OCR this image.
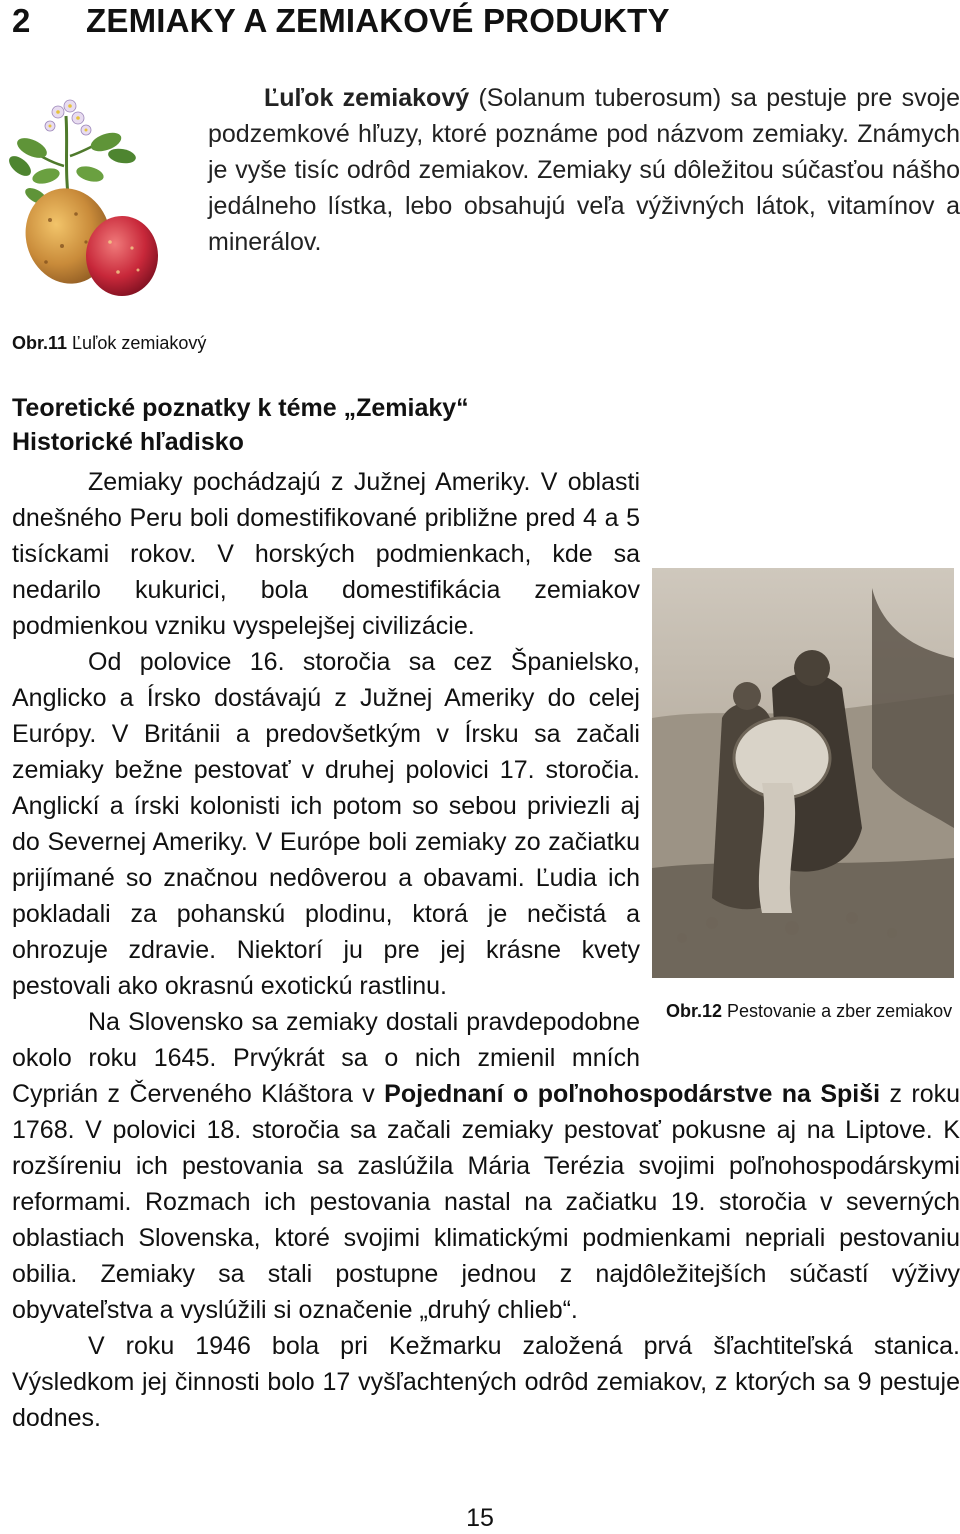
2 ZEMIAKY A ZEMIAKOVÉ PRODUKTY

Ľuľok zemiakový (Solanum tuberosum) sa pestuje pre svoje podzemkové hľuzy, ktoré poznáme pod názvom zemiaky. Známych je vyše tisíc odrôd zemiakov. Zemiaky sú dôležitou súčasťou nášho jedálneho lístka, lebo obsahujú veľa výživných látok, vitamínov a minerálov.

Obr.11 Ľuľok zemiakový
Teoretické poznatky k téme „Zemiaky“
Historické hľadisko

Zemiaky pochádzajú z Južnej Ameriky. V oblasti dnešného Peru boli domestifikované približne pred 4 a 5 tisíckami rokov. V horských podmienkach, kde sa nedarilo kukurici, bola domestifikácia zemiakov podmienkou vzniku vyspelejšej civilizácie.

Od polovice 16. storočia sa cez Španielsko, Anglicko a Írsko dostávajú z Južnej Ameriky do celej Európy. V Británii a predovšetkým v Írsku sa začali zemiaky bežne pestovať v druhej polovici 17. storočia. Anglickí a írski kolonisti ich potom so sebou priviezli aj do Severnej Ameriky. V Európe boli zemiaky zo začiatku prijímané so značnou nedôverou a obavami. Ľudia ich pokladali za pohanskú plodinu, ktorá je nečistá a ohrozuje zdravie. Niektorí ju pre jej krásne kvety pestovali ako okrasnú exotickú rastlinu.

Na Slovensko sa zemiaky dostali pravdepodobne okolo roku 1645. Prvýkrát sa o nich zmienil mních Cyprián z Červeného Kláštora v Pojednaní o poľnohospodárstve na Spiši z roku 1768. V polovici 18. storočia sa začali zemiaky pestovať pokusne aj na Liptove. K rozšíreniu ich pestovania sa zaslúžila Mária Terézia svojimi poľnohospodárskymi reformami. Rozmach ich pestovania nastal na začiatku 19. storočia v severných oblastiach Slovenska, ktoré svojimi klimatickými podmienkami nepriali pestovaniu obilia. Zemiaky sa stali postupne jednou z najdôležitejších súčastí výživy obyvateľstva a vyslúžili si označenie „druhý chlieb“.

V roku 1946 bola pri Kežmarku založená prvá šľachtiteľská stanica. Výsledkom jej činnosti bolo 17 vyšľachtených odrôd zemiakov, z ktorých sa 9 pestuje dodnes.

Obr.12 Pestovanie a zber zemiakov
15
